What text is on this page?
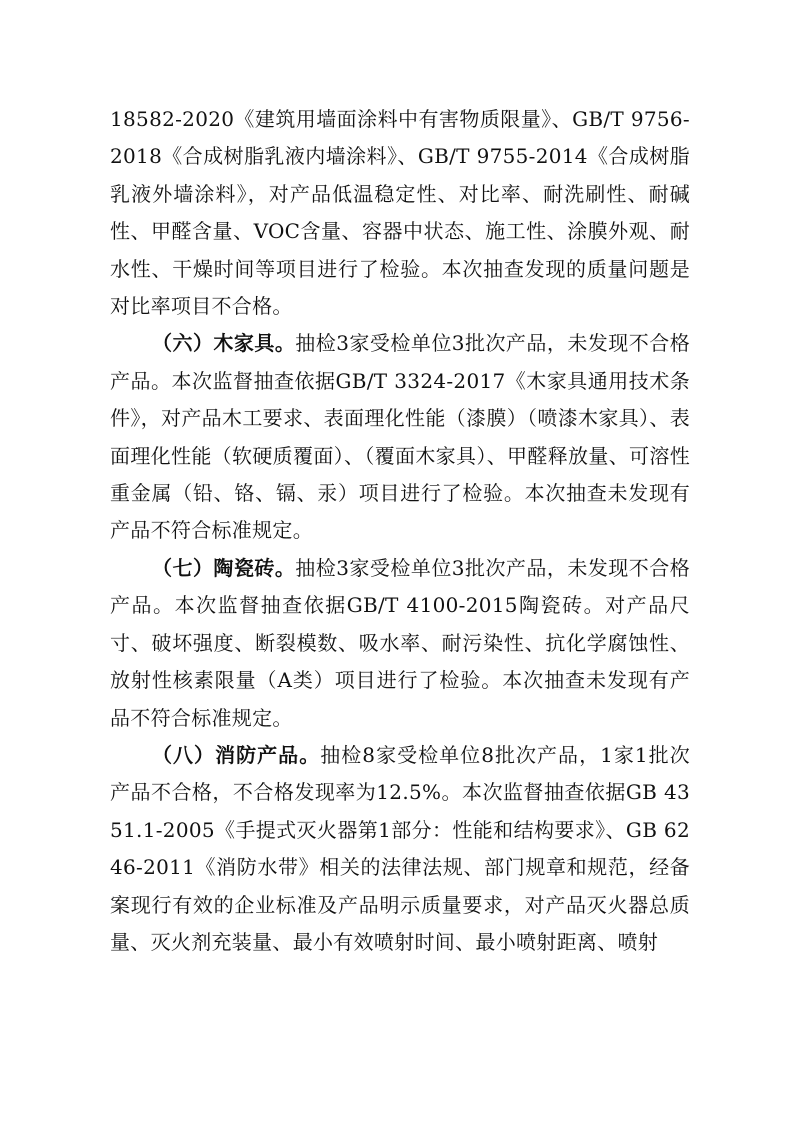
18582-2020《建筑用墙面涂料中有害物质限量》、GB/T 9756-2018《合成树脂乳液内墙涂料》、GB/T 9755-2014《合成树脂乳液外墙涂料》，对产品低温稳定性、对比率、耐洗刷性、耐碱性、甲醛含量、VOC含量、容器中状态、施工性、涂膜外观、耐水性、干燥时间等项目进行了检验。本次抽查发现的质量问题是对比率项目不合格。

（六）木家具。抽检3家受检单位3批次产品，未发现不合格产品。本次监督抽查依据GB/T 3324-2017《木家具通用技术条件》，对产品木工要求、表面理化性能（漆膜）（喷漆木家具）、表面理化性能（软硬质覆面）、（覆面木家具）、甲醛释放量、可溶性重金属（铅、铬、镉、汞）项目进行了检验。本次抽查未发现有产品不符合标准规定。

（七）陶瓷砖。抽检3家受检单位3批次产品，未发现不合格产品。本次监督抽查依据GB/T 4100-2015陶瓷砖。对产品尺寸、破坏强度、断裂模数、吸水率、耐污染性、抗化学腐蚀性、放射性核素限量（A类）项目进行了检验。本次抽查未发现有产品不符合标准规定。

（八）消防产品。抽检8家受检单位8批次产品，1家1批次产品不合格，不合格发现率为12.5%。本次监督抽查依据GB 4351.1-2005《手提式灭火器第1部分：性能和结构要求》、GB 6246-2011《消防水带》相关的法律法规、部门规章和规范，经备案现行有效的企业标准及产品明示质量要求，对产品灭火器总质量、灭火剂充装量、最小有效喷射时间、最小喷射距离、喷射
